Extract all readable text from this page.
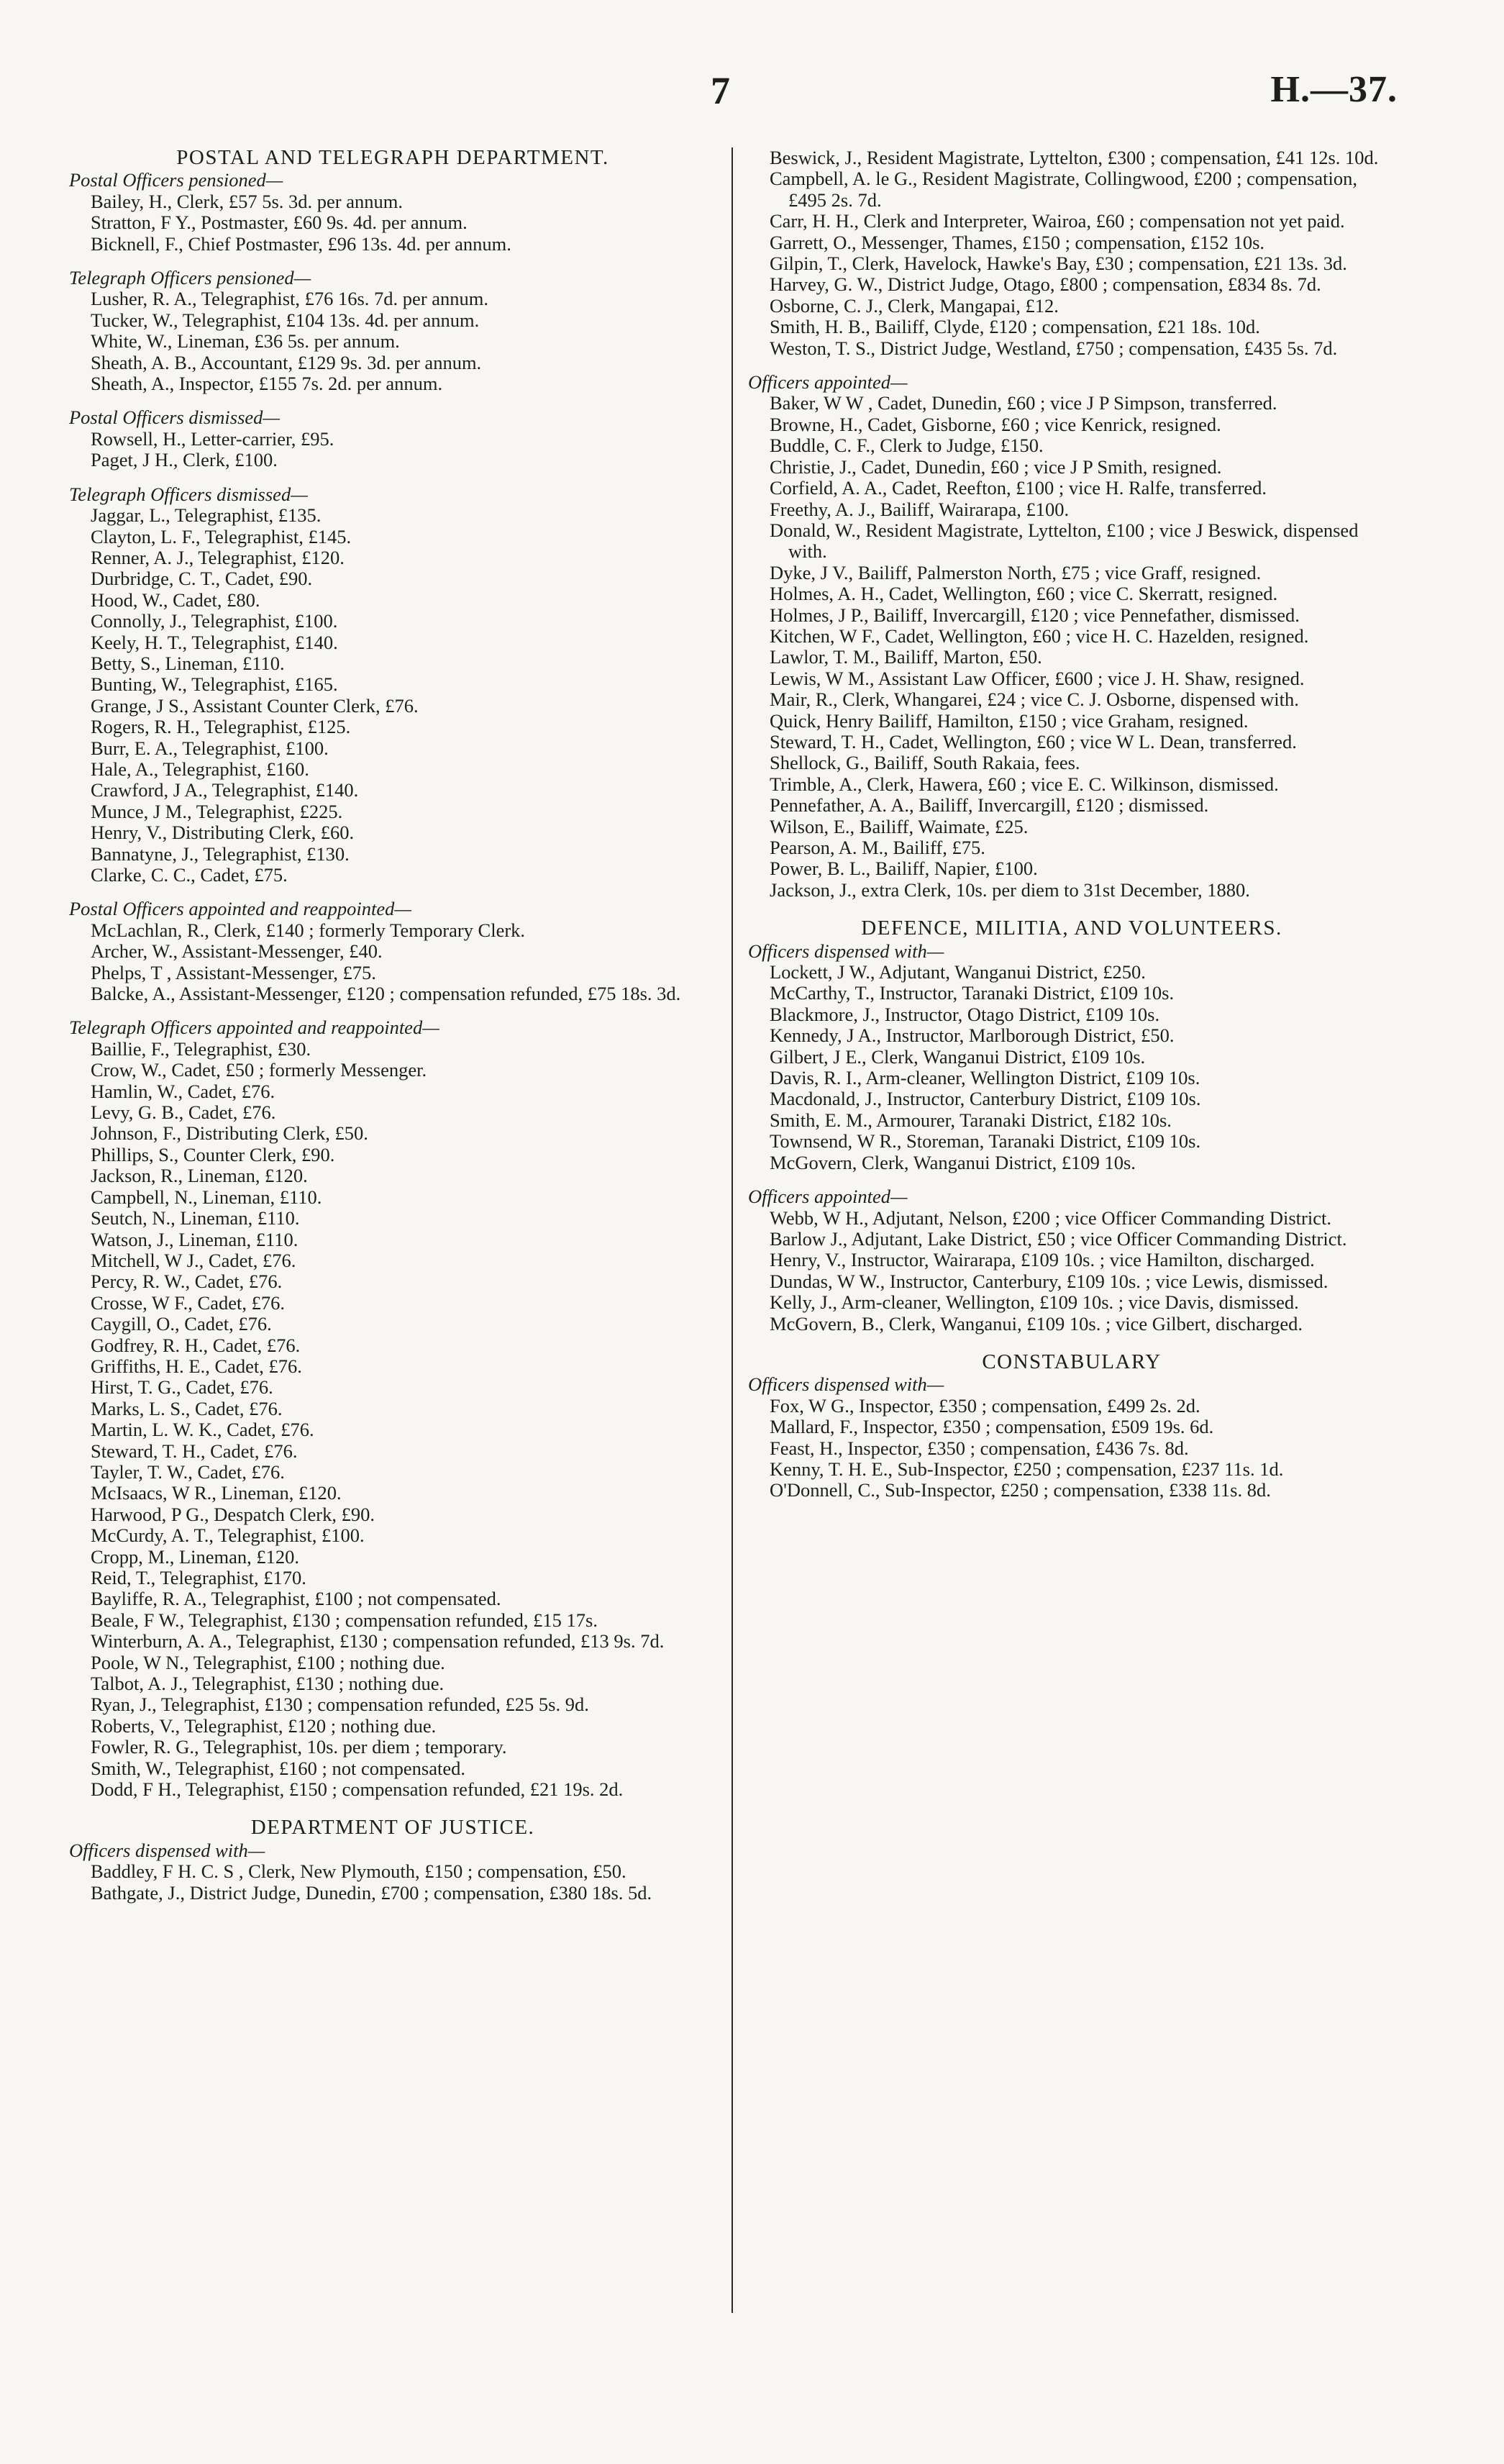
7	H.—37.
POSTAL AND TELEGRAPH DEPARTMENT.
Postal Officers pensioned—
Bailey, H., Clerk, £57 5s. 3d. per annum.
Stratton, F Y., Postmaster, £60 9s. 4d. per annum.
Bicknell, F., Chief Postmaster, £96 13s. 4d. per annum.
Telegraph Officers pensioned—
Lusher, R. A., Telegraphist, £76 16s. 7d. per annum.
Tucker, W., Telegraphist, £104 13s. 4d. per annum.
White, W., Lineman, £36 5s. per annum.
Sheath, A. B., Accountant, £129 9s. 3d. per annum.
Sheath, A., Inspector, £155 7s. 2d. per annum.
Postal Officers dismissed—
Rowsell, H., Letter-carrier, £95.
Paget, J H., Clerk, £100.
Telegraph Officers dismissed—
Jaggar, L., Telegraphist, £135.
Clayton, L. F., Telegraphist, £145.
Renner, A. J., Telegraphist, £120.
Durbridge, C. T., Cadet, £90.
Hood, W., Cadet, £80.
Connolly, J., Telegraphist, £100.
Keely, H. T., Telegraphist, £140.
Betty, S., Lineman, £110.
Bunting, W., Telegraphist, £165.
Grange, J S., Assistant Counter Clerk, £76.
Rogers, R. H., Telegraphist, £125.
Burr, E. A., Telegraphist, £100.
Hale, A., Telegraphist, £160.
Crawford, J A., Telegraphist, £140.
Munce, J M., Telegraphist, £225.
Henry, V., Distributing Clerk, £60.
Bannatyne, J., Telegraphist, £130.
Clarke, C. C., Cadet, £75.
Postal Officers appointed and reappointed—
McLachlan, R., Clerk, £140 ; formerly Temporary Clerk.
Archer, W., Assistant-Messenger, £40.
Phelps, T , Assistant-Messenger, £75.
Balcke, A., Assistant-Messenger, £120 ; compensation refunded, £75 18s. 3d.
Telegraph Officers appointed and reappointed—
Baillie, F., Telegraphist, £30.
Crow, W., Cadet, £50 ; formerly Messenger.
Hamlin, W., Cadet, £76.
Levy, G. B., Cadet, £76.
Johnson, F., Distributing Clerk, £50.
Phillips, S., Counter Clerk, £90.
Jackson, R., Lineman, £120.
Campbell, N., Lineman, £110.
Seutch, N., Lineman, £110.
Watson, J., Lineman, £110.
Mitchell, W J., Cadet, £76.
Percy, R. W., Cadet, £76.
Crosse, W F., Cadet, £76.
Caygill, O., Cadet, £76.
Godfrey, R. H., Cadet, £76.
Griffiths, H. E., Cadet, £76.
Hirst, T. G., Cadet, £76.
Marks, L. S., Cadet, £76.
Martin, L. W. K., Cadet, £76.
Steward, T. H., Cadet, £76.
Tayler, T. W., Cadet, £76.
McIsaacs, W R., Lineman, £120.
Harwood, P G., Despatch Clerk, £90.
McCurdy, A. T., Telegraphist, £100.
Cropp, M., Lineman, £120.
Reid, T., Telegraphist, £170.
Bayliffe, R. A., Telegraphist, £100 ; not compensated.
Beale, F W., Telegraphist, £130 ; compensation refunded, £15 17s.
Winterburn, A. A., Telegraphist, £130 ; compensation refunded, £13 9s. 7d.
Poole, W N., Telegraphist, £100 ; nothing due.
Talbot, A. J., Telegraphist, £130 ; nothing due.
Ryan, J., Telegraphist, £130 ; compensation refunded, £25 5s. 9d.
Roberts, V., Telegraphist, £120 ; nothing due.
Fowler, R. G., Telegraphist, 10s. per diem ; temporary.
Smith, W., Telegraphist, £160 ; not compensated.
Dodd, F H., Telegraphist, £150 ; compensation refunded, £21 19s. 2d.
DEPARTMENT OF JUSTICE.
Officers dispensed with—
Baddley, F H. C. S , Clerk, New Plymouth, £150 ; compensation, £50.
Bathgate, J., District Judge, Dunedin, £700 ; compensation, £380 18s. 5d.
Beswick, J., Resident Magistrate, Lyttelton, £300 ; compensation, £41 12s. 10d.
Campbell, A. le G., Resident Magistrate, Collingwood, £200 ; compensation, £495 2s. 7d.
Carr, H. H., Clerk and Interpreter, Wairoa, £60 ; compensation not yet paid.
Garrett, O., Messenger, Thames, £150 ; compensation, £152 10s.
Gilpin, T., Clerk, Havelock, Hawke's Bay, £30 ; compensation, £21 13s. 3d.
Harvey, G. W., District Judge, Otago, £800 ; compensation, £834 8s. 7d.
Osborne, C. J., Clerk, Mangapai, £12.
Smith, H. B., Bailiff, Clyde, £120 ; compensation, £21 18s. 10d.
Weston, T. S., District Judge, Westland, £750 ; compensation, £435 5s. 7d.
Officers appointed—
Baker, W W , Cadet, Dunedin, £60 ; vice J P Simpson, transferred.
Browne, H., Cadet, Gisborne, £60 ; vice Kenrick, resigned.
Buddle, C. F., Clerk to Judge, £150.
Christie, J., Cadet, Dunedin, £60 ; vice J P Smith, resigned.
Corfield, A. A., Cadet, Reefton, £100 ; vice H. Ralfe, transferred.
Freethy, A. J., Bailiff, Wairarapa, £100.
Donald, W., Resident Magistrate, Lyttelton, £100 ; vice J Beswick, dispensed with.
Dyke, J V., Bailiff, Palmerston North, £75 ; vice Graff, resigned.
Holmes, A. H., Cadet, Wellington, £60 ; vice C. Skerratt, resigned.
Holmes, J P., Bailiff, Invercargill, £120 ; vice Pennefather, dismissed.
Kitchen, W F., Cadet, Wellington, £60 ; vice H. C. Hazelden, resigned.
Lawlor, T. M., Bailiff, Marton, £50.
Lewis, W M., Assistant Law Officer, £600 ; vice J. H. Shaw, resigned.
Mair, R., Clerk, Whangarei, £24 ; vice C. J. Osborne, dispensed with.
Quick, Henry Bailiff, Hamilton, £150 ; vice Graham, resigned.
Steward, T. H., Cadet, Wellington, £60 ; vice W L. Dean, transferred.
Shellock, G., Bailiff, South Rakaia, fees.
Trimble, A., Clerk, Hawera, £60 ; vice E. C. Wilkinson, dismissed.
Pennefather, A. A., Bailiff, Invercargill, £120 ; dismissed.
Wilson, E., Bailiff, Waimate, £25.
Pearson, A. M., Bailiff, £75.
Power, B. L., Bailiff, Napier, £100.
Jackson, J., extra Clerk, 10s. per diem to 31st December, 1880.
DEFENCE, MILITIA, AND VOLUNTEERS.
Officers dispensed with—
Lockett, J W., Adjutant, Wanganui District, £250.
McCarthy, T., Instructor, Taranaki District, £109 10s.
Blackmore, J., Instructor, Otago District, £109 10s.
Kennedy, J A., Instructor, Marlborough District, £50.
Gilbert, J E., Clerk, Wanganui District, £109 10s.
Davis, R. I., Arm-cleaner, Wellington District, £109 10s.
Macdonald, J., Instructor, Canterbury District, £109 10s.
Smith, E. M., Armourer, Taranaki District, £182 10s.
Townsend, W R., Storeman, Taranaki District, £109 10s.
McGovern, Clerk, Wanganui District, £109 10s.
Officers appointed—
Webb, W H., Adjutant, Nelson, £200 ; vice Officer Commanding District.
Barlow J., Adjutant, Lake District, £50 ; vice Officer Commanding District.
Henry, V., Instructor, Wairarapa, £109 10s. ; vice Hamilton, discharged.
Dundas, W W., Instructor, Canterbury, £109 10s. ; vice Lewis, dismissed.
Kelly, J., Arm-cleaner, Wellington, £109 10s. ; vice Davis, dismissed.
McGovern, B., Clerk, Wanganui, £109 10s. ; vice Gilbert, discharged.
CONSTABULARY
Officers dispensed with—
Fox, W G., Inspector, £350 ; compensation, £499 2s. 2d.
Mallard, F., Inspector, £350 ; compensation, £509 19s. 6d.
Feast, H., Inspector, £350 ; compensation, £436 7s. 8d.
Kenny, T. H. E., Sub-Inspector, £250 ; compensation, £237 11s. 1d.
O'Donnell, C., Sub-Inspector, £250 ; compensation, £338 11s. 8d.
